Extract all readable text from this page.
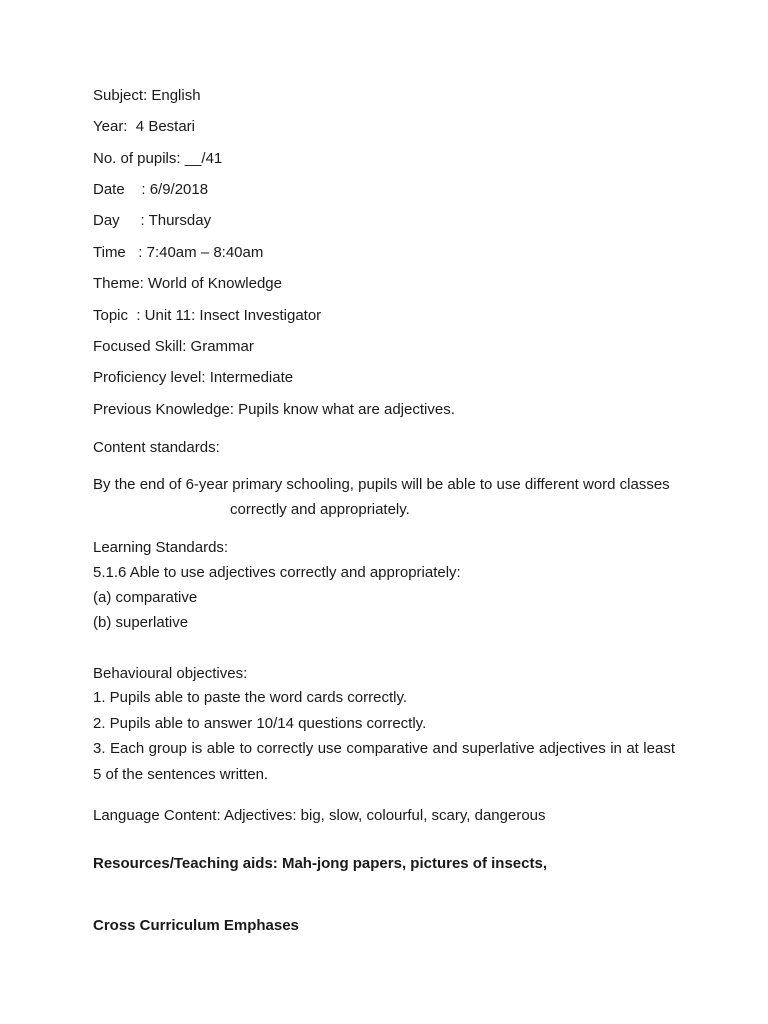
Subject: English

Year:  4 Bestari

No. of pupils: __/41

Date    : 6/9/2018

Day     : Thursday

Time   : 7:40am – 8:40am

Theme: World of Knowledge

Topic  : Unit 11: Insect Investigator

Focused Skill: Grammar

Proficiency level: Intermediate

Previous Knowledge: Pupils know what are adjectives.

Content standards:

By the end of 6-year primary schooling, pupils will be able to use different word classes

correctly and appropriately.

Learning Standards:

5.1.6 Able to use adjectives correctly and appropriately:

(a) comparative

(b) superlative

Behavioural objectives:

1. Pupils able to paste the word cards correctly.

2. Pupils able to answer 10/14 questions correctly.

3. Each group is able to correctly use comparative and superlative adjectives in at least 5 of the sentences written.

Language Content: Adjectives: big, slow, colourful, scary, dangerous

Resources/Teaching aids: Mah-jong papers, pictures of insects,

Cross Curriculum Emphases
